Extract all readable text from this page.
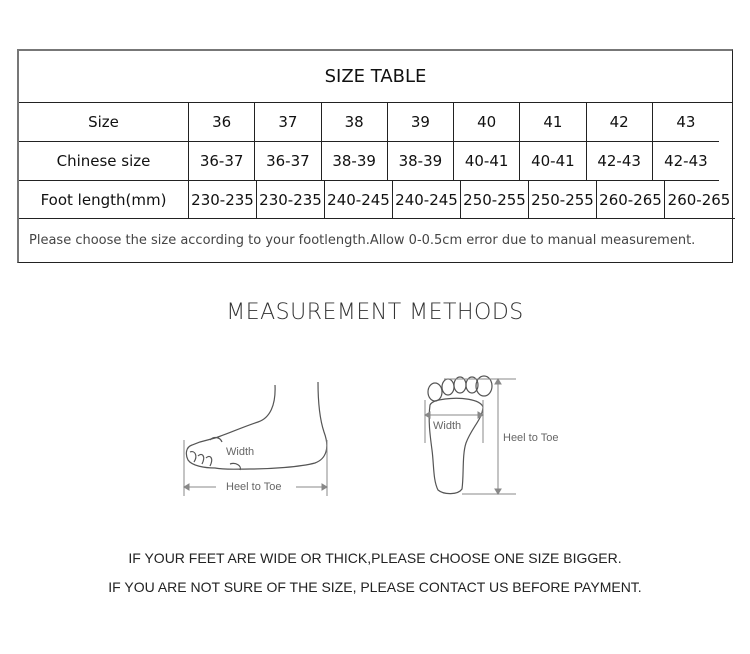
SIZE TABLE
Size	36	37	38	39	40	41	42	43
Chinese size	36-37	36-37	38-39	38-39	40-41	40-41	42-43	42-43
Foot length(mm)	230-235 230-235 240-245 240-245 250-255 250-255 260-265 260-265
Please choose the size according to your footlength.Allow 0-0.5cm error due to manual measurement.
MEASUREMENT METHODS
Width
Heel to Toe
Width
Heel to Toe
IF YOUR FEET ARE WIDE OR THICK,PLEASE CHOOSE ONE SIZE BIGGER.
IF YOU ARE NOT SURE OF THE SIZE, PLEASE CONTACT US BEFORE PAYMENT.
